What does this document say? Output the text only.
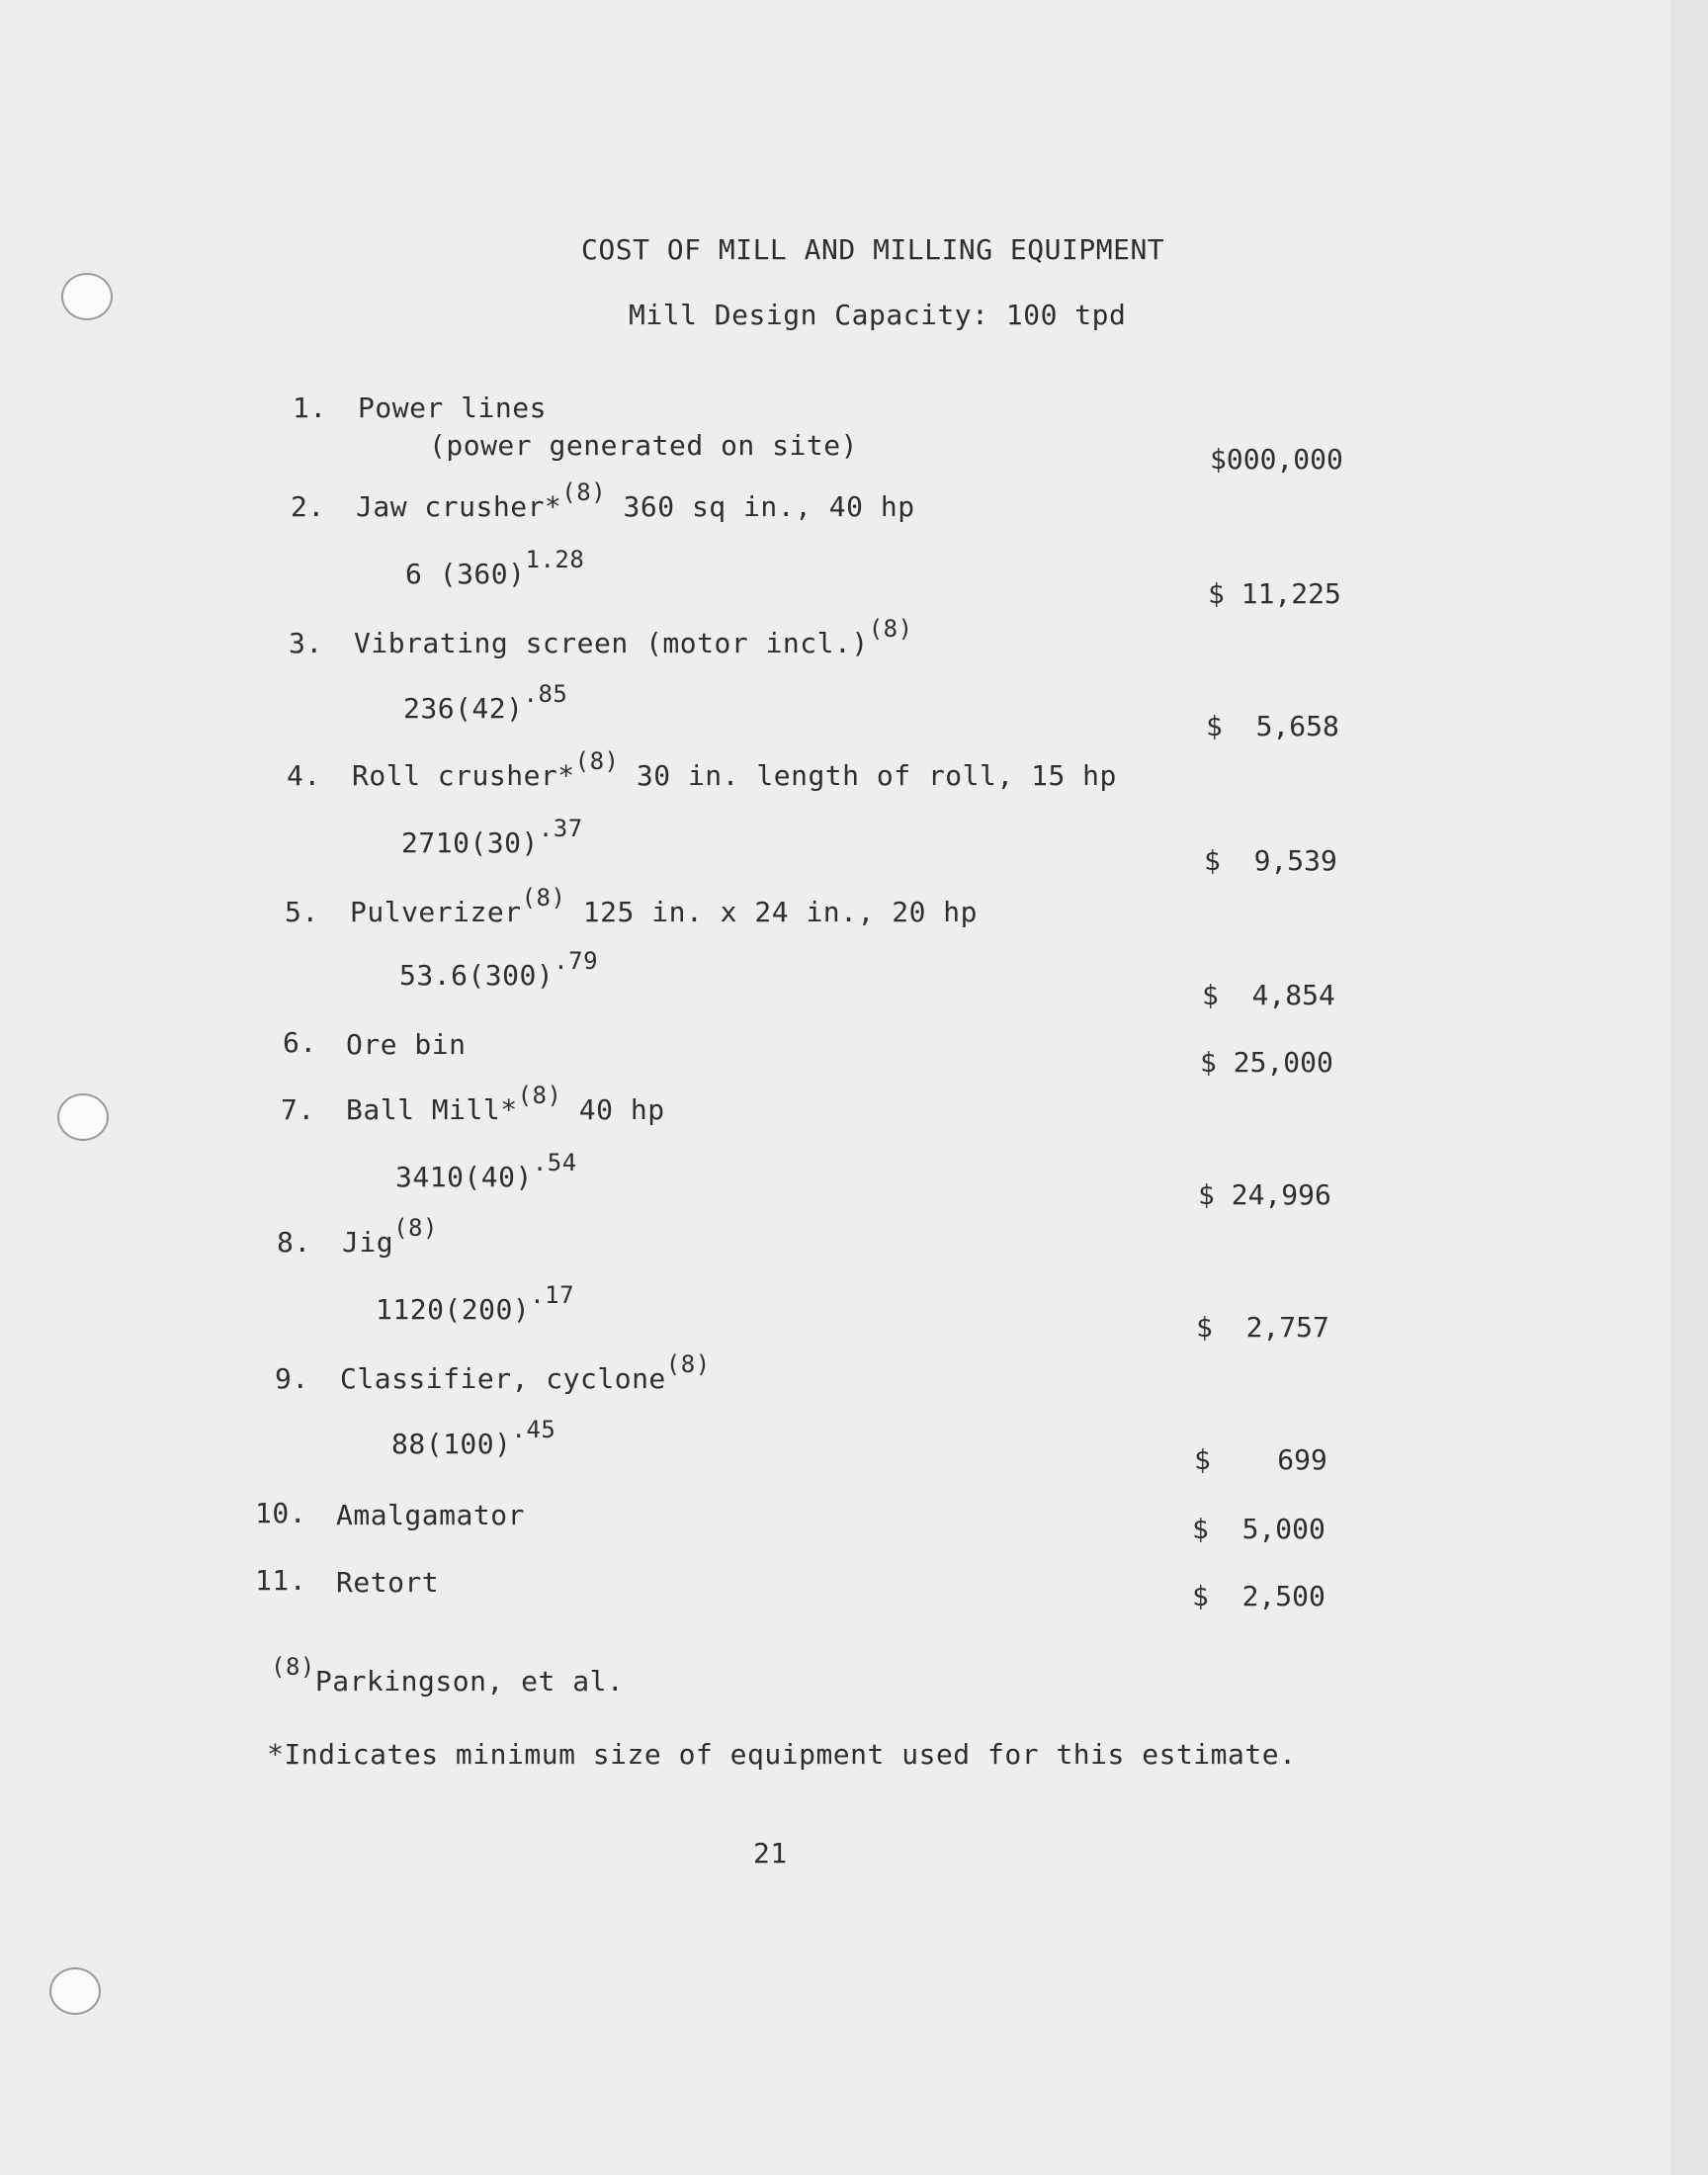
COST OF MILL AND MILLING EQUIPMENT
Mill Design Capacity: 100 tpd
1. Power lines
(power generated on site)	$000,000
2. Jaw crusher*(8) 360 sq in., 40 hp
6 (360)1.28
$ 11,225
3. Vibrating screen (motor incl.)(8)
236(42).85
$  5,658
4. Roll crusher*(8) 30 in. length of roll, 15 hp
2710(30).37
$  9,539
5. Pulverizer(8) 125 in. x 24 in., 20 hp
53.6(300).79
$  4,854
6. Ore bin
$ 25,000
7. Ball Mill*(8) 40 hp
3410(40).54
$ 24,996
8. Jig(8)
1120(200).17
$  2,757
9. Classifier, cyclone(8)
88(100).45
$    699
10. Amalgamator	$  5,000
11. Retort	$  2,500
(8)Parkingson, et al.
*Indicates minimum size of equipment used for this estimate.
21
